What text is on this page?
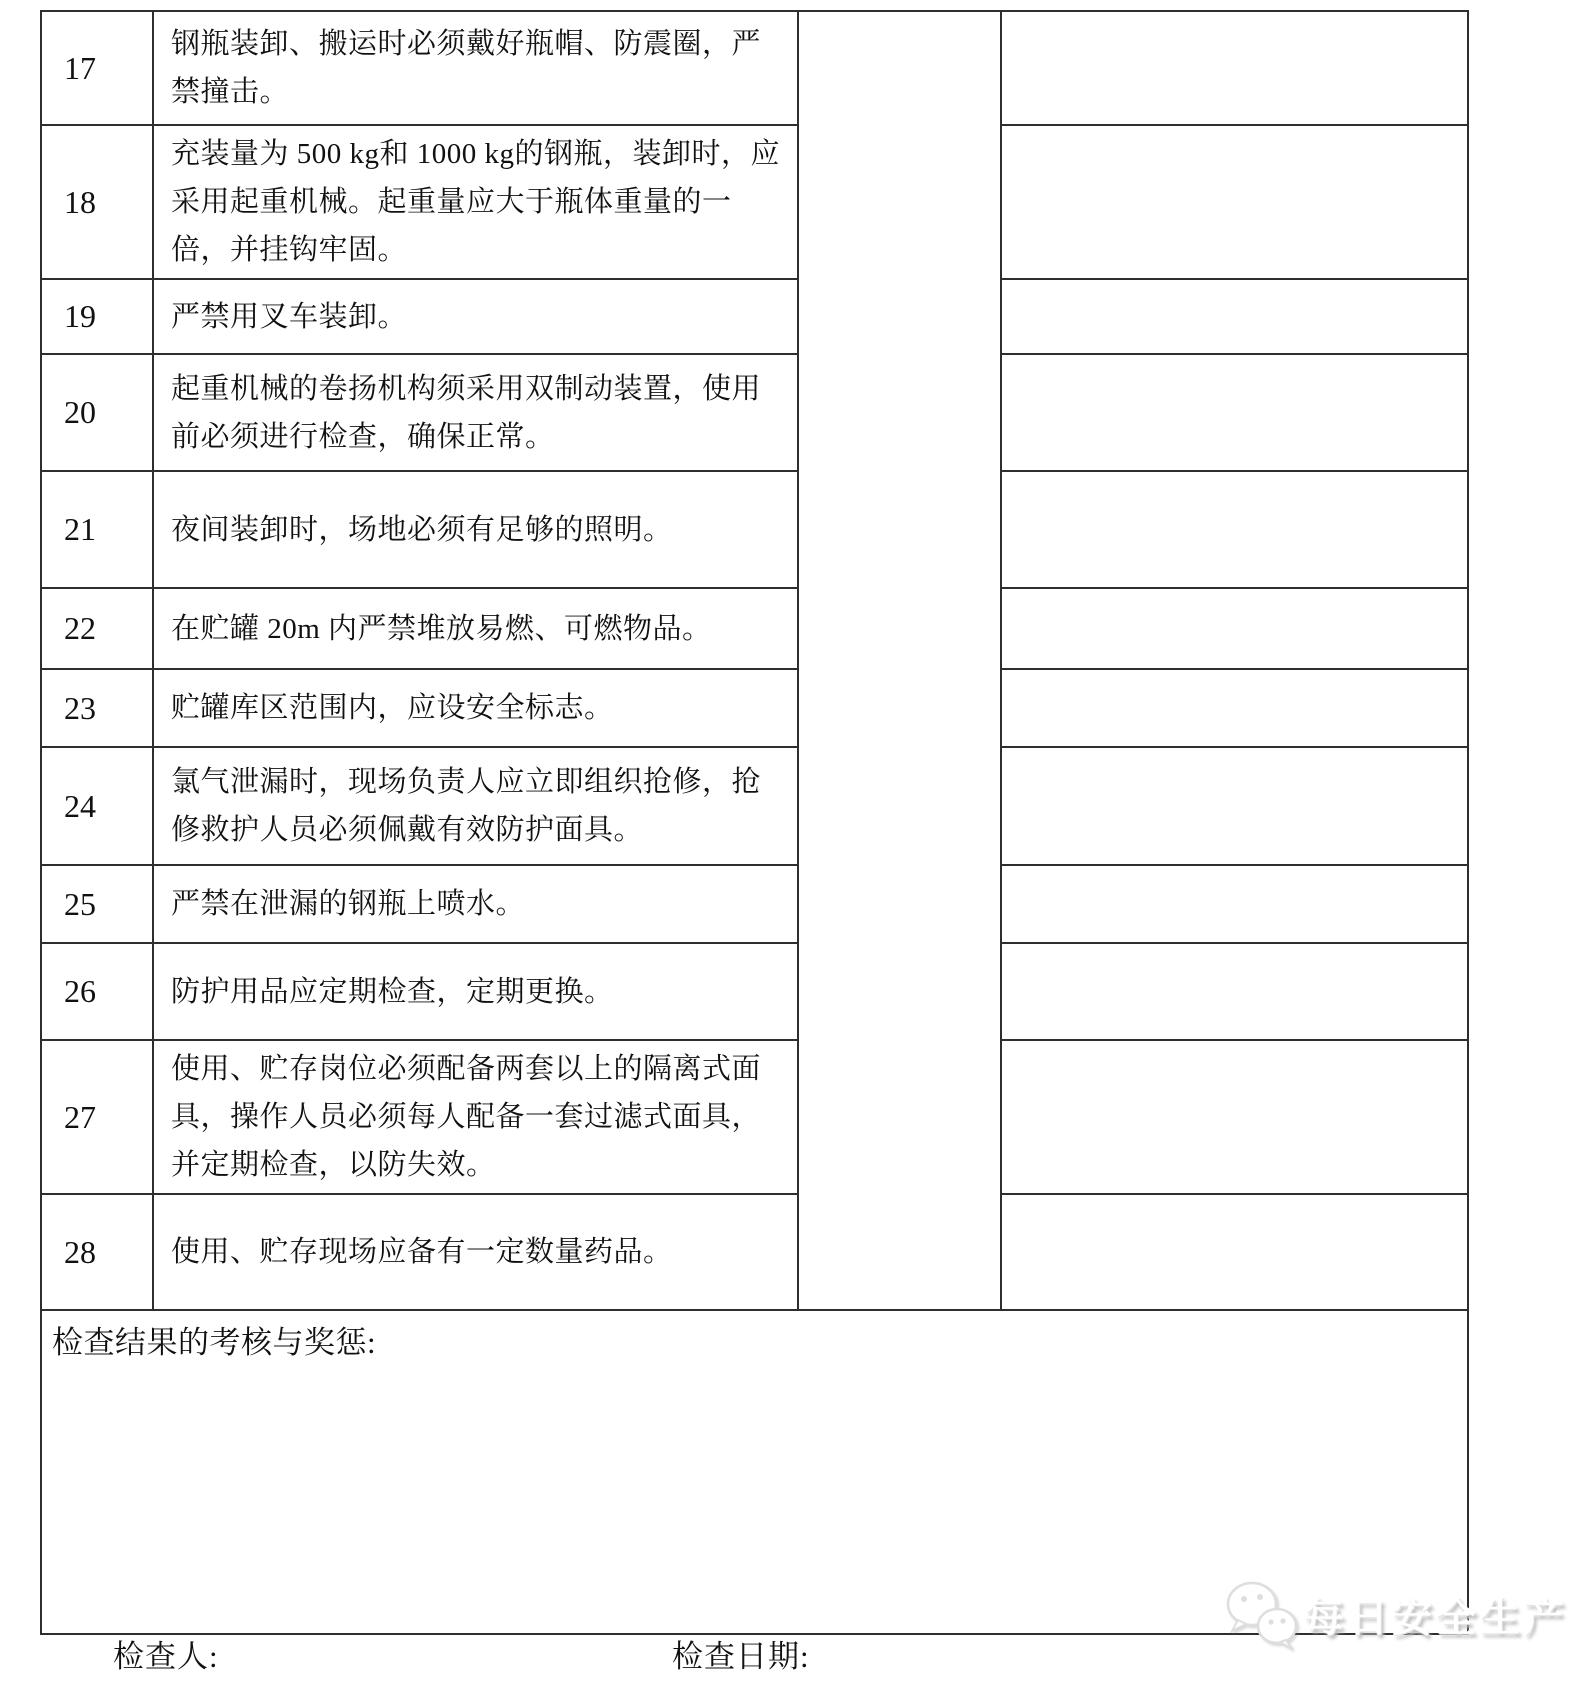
17	钢瓶装卸、搬运时必须戴好瓶帽、防震圈，严禁撞击。		
18	充装量为 500 kg和 1000 kg的钢瓶，装卸时，应采用起重机械。起重量应大于瓶体重量的一倍，并挂钩牢固。		
19	严禁用叉车装卸。		
20	起重机械的卷扬机构须采用双制动装置，使用前必须进行检查，确保正常。		
21	夜间装卸时，场地必须有足够的照明。		
22	在贮罐 20m 内严禁堆放易燃、可燃物品。		
23	贮罐库区范围内，应设安全标志。		
24	氯气泄漏时，现场负责人应立即组织抢修，抢修救护人员必须佩戴有效防护面具。		
25	严禁在泄漏的钢瓶上喷水。		
26	防护用品应定期检查，定期更换。		
27	使用、贮存岗位必须配备两套以上的隔离式面具，操作人员必须每人配备一套过滤式面具，并定期检查，以防失效。		
28	使用、贮存现场应备有一定数量药品。		
检查结果的考核与奖惩:			
检查人:	检查日期:
每日安全生产
